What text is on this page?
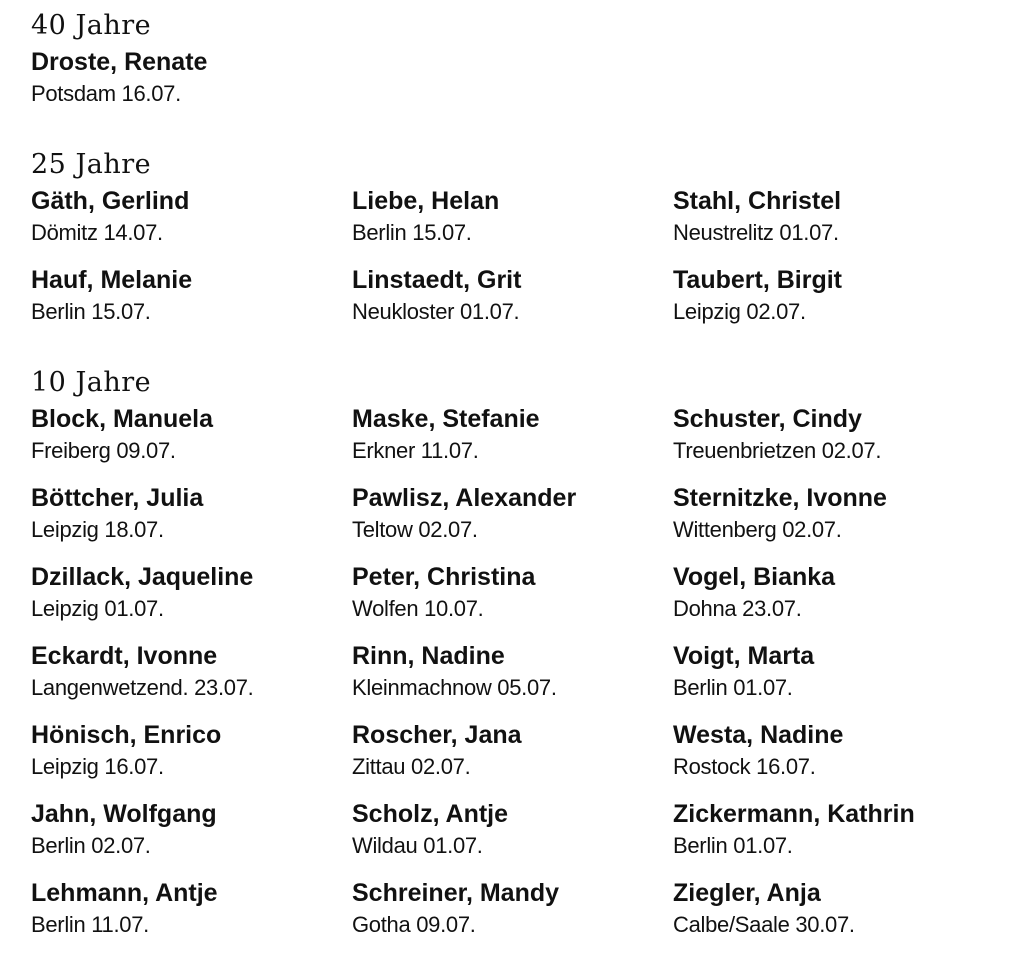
40 Jahre
Droste, Renate
Potsdam 16.07.
25 Jahre
Gäth, Gerlind
Dömitz 14.07.
Liebe, Helan
Berlin 15.07.
Stahl, Christel
Neustrelitz 01.07.
Hauf, Melanie
Berlin 15.07.
Linstaedt, Grit
Neukloster 01.07.
Taubert, Birgit
Leipzig 02.07.
10 Jahre
Block, Manuela
Freiberg 09.07.
Maske, Stefanie
Erkner 11.07.
Schuster, Cindy
Treuenbrietzen 02.07.
Böttcher, Julia
Leipzig 18.07.
Pawlisz, Alexander
Teltow 02.07.
Sternitzke, Ivonne
Wittenberg 02.07.
Dzillack, Jaqueline
Leipzig 01.07.
Peter, Christina
Wolfen 10.07.
Vogel, Bianka
Dohna 23.07.
Eckardt, Ivonne
Langenwetzend. 23.07.
Rinn, Nadine
Kleinmachnow 05.07.
Voigt, Marta
Berlin 01.07.
Hönisch, Enrico
Leipzig 16.07.
Roscher, Jana
Zittau 02.07.
Westa, Nadine
Rostock 16.07.
Jahn, Wolfgang
Berlin 02.07.
Scholz, Antje
Wildau 01.07.
Zickermann, Kathrin
Berlin 01.07.
Lehmann, Antje
Berlin 11.07.
Schreiner, Mandy
Gotha 09.07.
Ziegler, Anja
Calbe/Saale 30.07.
